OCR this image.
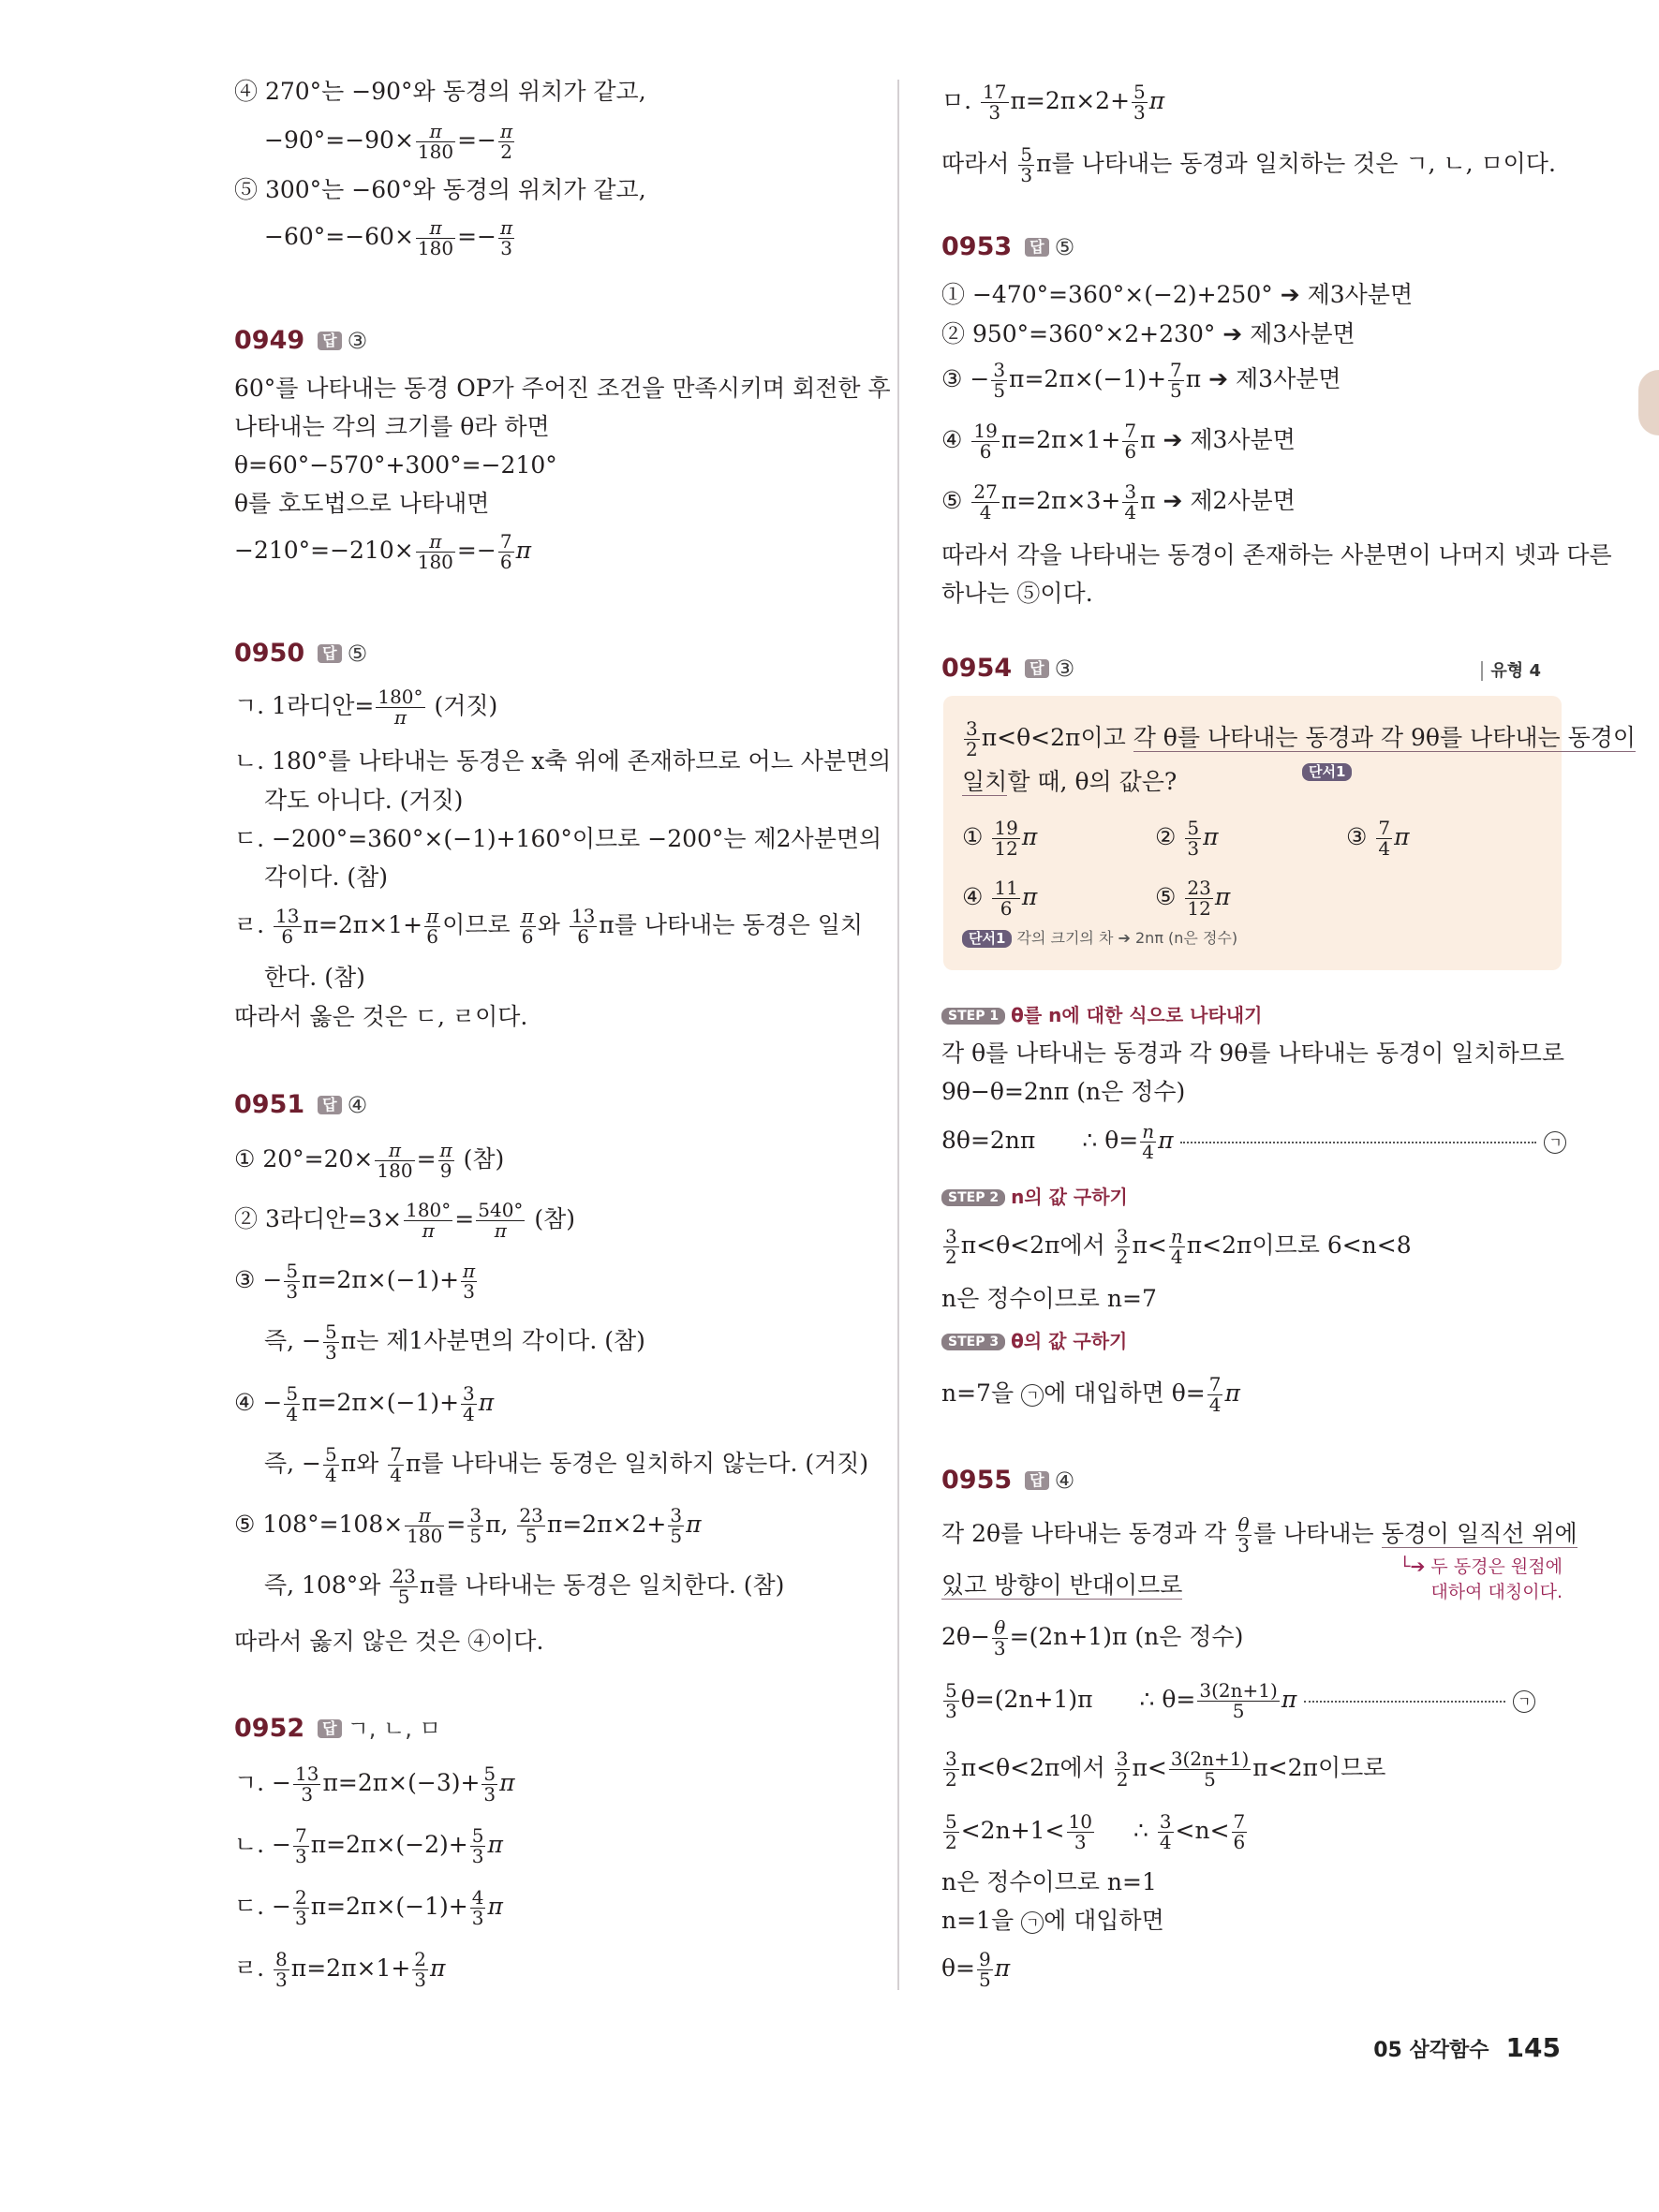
④ 270°는 −90°와 동경의 위치가 같고,
$-90^\circ=-90\times \frac{\pi}{180} =- \frac{\pi}{2}$
⑤ 300°는 −60°와 동경의 위치가 같고,
$-60^\circ=-60\times \frac{\pi}{180} =- \frac{\pi}{3}$
0949 답 ③
60°를 나타내는 동경 OP가 주어진 조건을 만족시키며 회전한 후
나타내는 각의 크기를 θ라 하면
θ=60°−570°+300°=−210°
θ를 호도법으로 나타내면
$-210^\circ=-210\times \frac{\pi}{180} =- \frac{7}{6}$ π
0950 답 ⑤
ㄱ. 1라디안= $\frac{180^\circ}{\pi}$ (거짓)
ㄴ. 180°를 나타내는 동경은 x축 위에 존재하므로 어느 사분면의
각도 아니다. (거짓)
ㄷ. −200°=360°×(−1)+160°이므로 −200°는 제2사분면의
각이다. (참)
ㄹ. $\frac{13}{6} \pi=2\pi\times 1+ \frac{\pi}{6}$ 이므로 $\frac{\pi}{6}$ 와 $\frac{13}{6}$ π를 나타내는 동경은 일치
한다. (참)
따라서 옳은 것은 ㄷ, ㄹ이다.
0951 답 ④
① $20^\circ=20\times \frac{\pi}{180} = \frac{\pi}{9}$ (참)
② 3라디안$=3\times \frac{180^\circ}{\pi} = \frac{540^\circ}{\pi}$ (참)
③ − $\frac{5}{3} \pi=2\pi\times(-1)+ \frac{\pi}{3}$
즉, − $\frac{5}{3}$ π는 제1사분면의 각이다. (참)
④ − $\frac{5}{4} \pi=2\pi\times(-1)+ \frac{3}{4}$ π
즉, − $\frac{5}{4}$ π와 $\frac{7}{4}$ π를 나타내는 동경은 일치하지 않는다. (거짓)
⑤ $108^\circ=108\times \frac{\pi}{180} = \frac{3}{5} \pi$, $\frac{23}{5} \pi=2\pi\times 2+ \frac{3}{5}$ π
즉, 108°와 $\frac{23}{5}$ π를 나타내는 동경은 일치한다. (참)
따라서 옳지 않은 것은 ④이다.
0952 답 ㄱ, ㄴ, ㅁ
ㄱ. − $\frac{13}{3} \pi=2\pi\times(-3)+ \frac{5}{3}$ π
ㄴ. − $\frac{7}{3} \pi=2\pi\times(-2)+ \frac{5}{3}$ π
ㄷ. − $\frac{2}{3} \pi=2\pi\times(-1)+ \frac{4}{3}$ π
ㄹ. $\frac{8}{3} \pi=2\pi\times 1+ \frac{2}{3}$ π
ㅁ. $\frac{17}{3} \pi=2\pi\times 2+ \frac{5}{3}$ π
따라서 $\frac{5}{3}$ π를 나타내는 동경과 일치하는 것은 ㄱ, ㄴ, ㅁ이다.
0953 답 ⑤
① −470°=360°×(−2)+250° ➔ 제3사분면
② 950°=360°×2+230° ➔ 제3사분면
③ − $\frac{3}{5} \pi=2\pi\times(-1)+ \frac{7}{5}$ π ➔ 제3사분면
④ $\frac{19}{6} \pi=2\pi\times 1+ \frac{7}{6}$ π ➔ 제3사분면
⑤ $\frac{27}{4} \pi=2\pi\times 3+ \frac{3}{4}$ π ➔ 제2사분면
따라서 각을 나타내는 동경이 존재하는 사분면이 나머지 넷과 다른
하나는 ⑤이다.
0954 답 ③	유형 4
$\frac{3}{2} \pi<\theta<2\pi$이고 각 θ를 나타내는 동경과 각 9θ를 나타내는 동경이
단서1
일치할 때, θ의 값은?
① $\frac{19}{12}$ π	② $\frac{5}{3}$ π	③ $\frac{7}{4}$ π
④ $\frac{11}{6}$ π	⑤ $\frac{23}{12}$ π
단서1 각의 크기의 차 ➔ 2nπ (n은 정수)
STEP 1 θ를 n에 대한 식으로 나타내기
각 θ를 나타내는 동경과 각 9θ를 나타내는 동경이 일치하므로
9θ−θ=2nπ (n은 정수)
8θ=2nπ ∴ $\theta= \frac{n}{4}$ π	ㄱ
STEP 2 n의 값 구하기
$\frac{3}{2} \pi<\theta<2\pi$에서 $\frac{3}{2} \pi< \frac{n}{4} \pi<2\pi$이므로 6<n<8
n은 정수이므로 n=7
STEP 3 θ의 값 구하기
n=7을 ㄱ 에 대입하면 $\theta= \frac{7}{4}$ π
0955 답 ④
각 2θ를 나타내는 동경과 각 $\frac{\theta}{3}$ 를 나타내는 동경이 일직선 위에
└➔ 두 동경은 원점에
대하여 대칭이다.
있고 방향이 반대이므로
$2\theta- \frac{\theta}{3} =(2n+1)\pi$ (n은 정수)
$\frac{5}{3} \theta=(2n+1)\pi$ ∴ $\theta= \frac{3(2n+1)}{5}$ π	ㄱ
$\frac{3}{2} \pi<\theta<2\pi$에서 $\frac{3}{2} \pi< \frac{3(2n+1)}{5} \pi<2\pi$이므로
$\frac{5}{2} <2n+1< \frac{10}{3}$ ∴ $\frac{3}{4} <n< \frac{7}{6}$
n은 정수이므로 n=1
n=1을 ㄱ 에 대입하면
$\theta= \frac{9}{5}$ π
05 삼각함수 145
